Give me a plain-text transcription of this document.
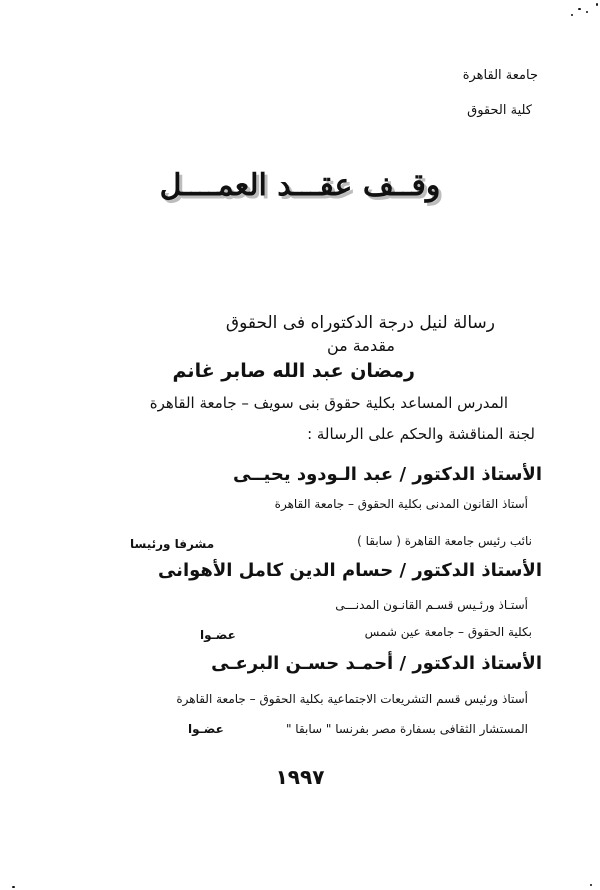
جامعة القاهرة
كلية الحقوق
وقــف عقـــد العمــــل
رسالة لنيل درجة الدكتوراه فى الحقوق
مقدمة من
رمضان عبد الله صابر غانم
المدرس المساعد بكلية حقوق بنى سويف – جامعة القاهرة
لجنة المناقشة والحكم على الرسالة :
الأستاذ الدكتور / عبد الـودود يحيــى
أستاذ القانون المدنى بكلية الحقوق – جامعة القاهرة
نائب رئيس جامعة القاهرة ( سابقا )
مشرفا ورئيسا
الأستاذ الدكتور / حسام الدين كامل الأهوانى
أستـاذ ورئـيس قسـم القانـون المدنـــى
بكلية الحقوق – جامعة عين شمس
عضـوا
الأستاذ الدكتور / أحمـد حسـن البرعـى
أستاذ ورئيس قسم التشريعات الاجتماعية بكلية الحقوق – جامعة القاهرة
المستشار الثقافى بسفارة مصر بفرنسا " سابقا "
عضـوا
١٩٩٧
